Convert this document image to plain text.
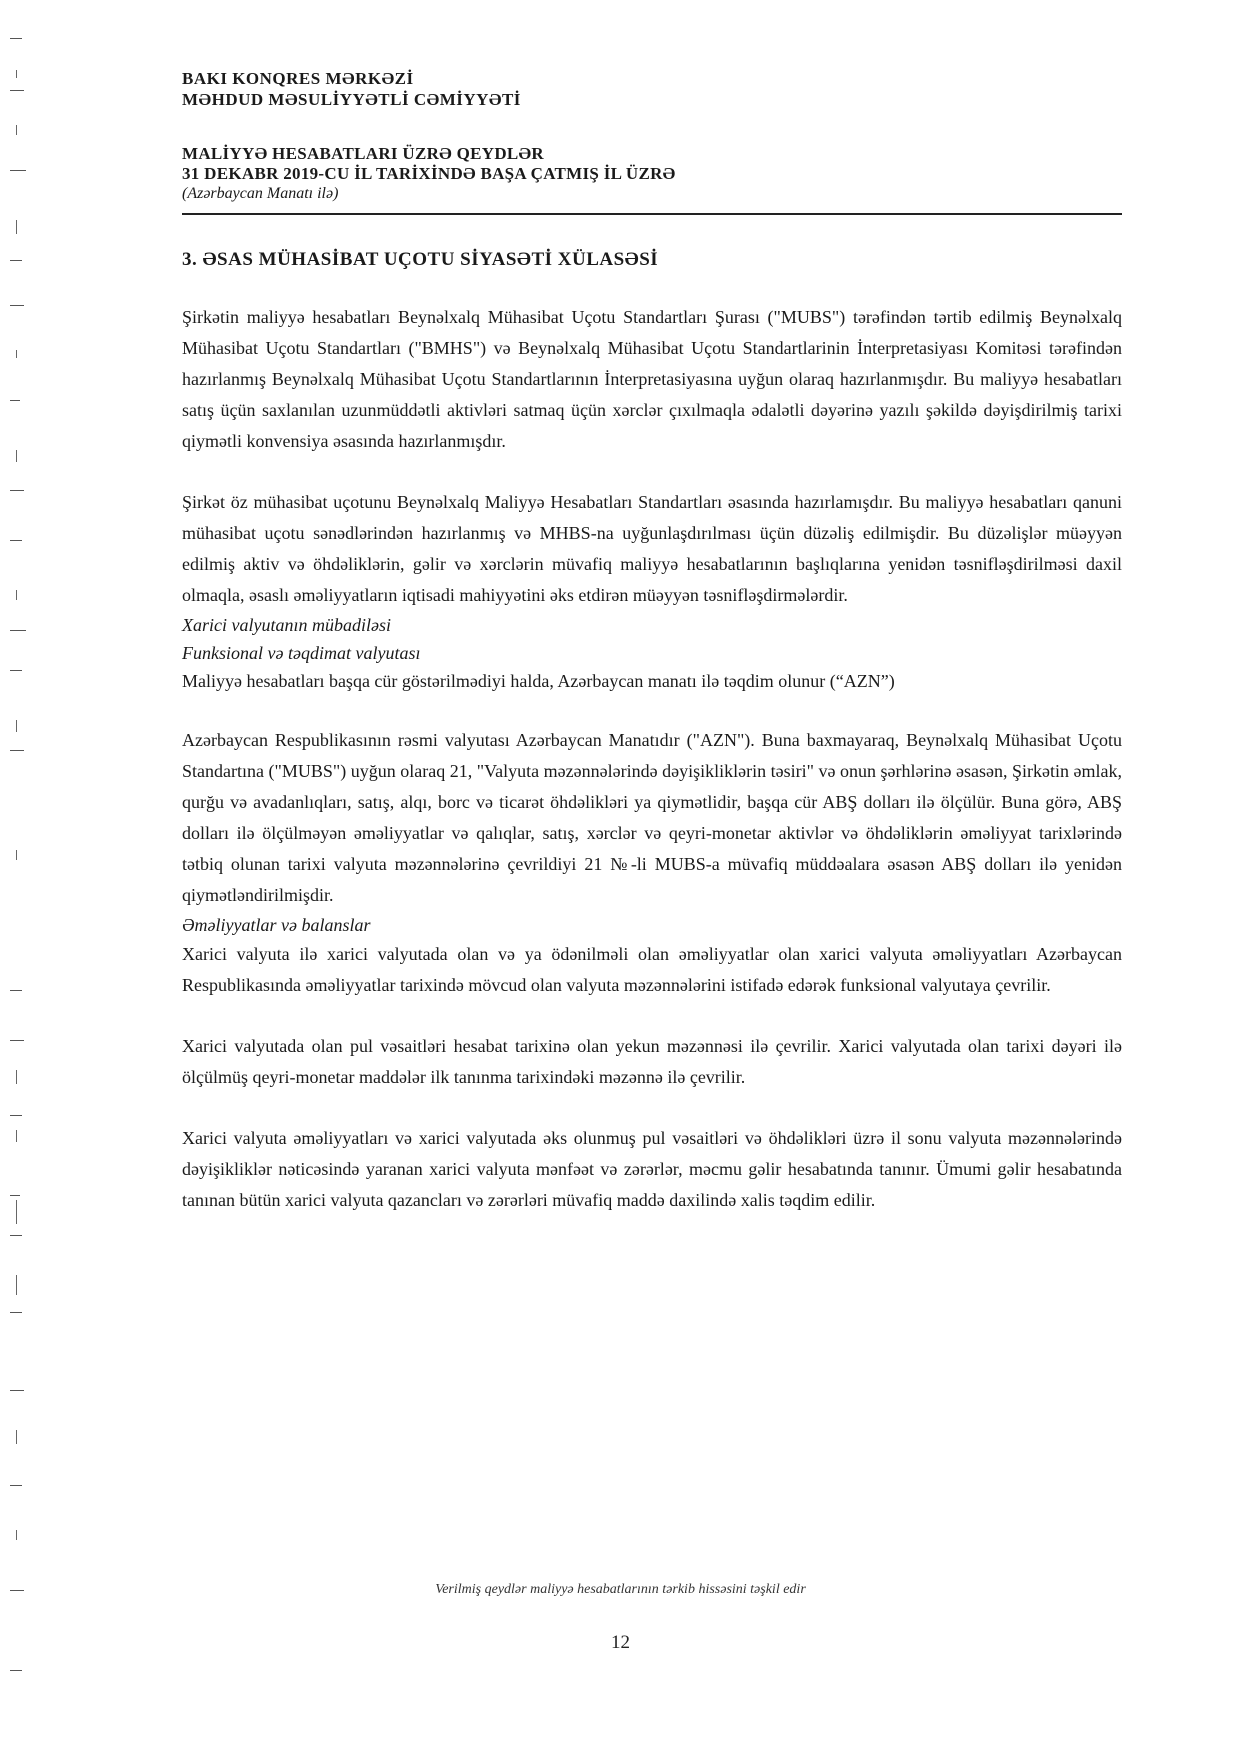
BAKI KONQRES MƏRKƏZİ

MƏHDUD MƏSULİYYƏTLİ CƏMİYYƏTİ

MALİYYƏ HESABATLARI ÜZRƏ QEYDLƏR

31 DEKABR 2019-CU İL TARİXİNDƏ BAŞA ÇATMIŞ İL ÜZRƏ

(Azərbaycan Manatı ilə)

3. ƏSAS MÜHASİBAT UÇOTU SİYASƏTİ XÜLASƏSİ

Şirkətin maliyyə hesabatları Beynəlxalq Mühasibat Uçotu Standartları Şurası ("MUBS") tərəfindən tərtib edilmiş Beynəlxalq Mühasibat Uçotu Standartları ("BMHS") və Beynəlxalq Mühasibat Uçotu Standartlarinin İnterpretasiyası Komitəsi tərəfindən hazırlanmış Beynəlxalq Mühasibat Uçotu Standartlarının İnterpretasiyasına uyğun olaraq hazırlanmışdır. Bu maliyyə hesabatları satış üçün saxlanılan uzunmüddətli aktivləri satmaq üçün xərclər çıxılmaqla ədalətli dəyərinə yazılı şəkildə dəyişdirilmiş tarixi qiymətli konvensiya əsasında hazırlanmışdır.

Şirkət öz mühasibat uçotunu Beynəlxalq Maliyyə Hesabatları Standartları əsasında hazırlamışdır. Bu maliyyə hesabatları qanuni mühasibat uçotu sənədlərindən hazırlanmış və MHBS-na uyğunlaşdırılması üçün düzəliş edilmişdir. Bu düzəlişlər müəyyən edilmiş aktiv və öhdəliklərin, gəlir və xərclərin müvafiq maliyyə hesabatlarının başlıqlarına yenidən təsnifləşdirilməsi daxil olmaqla, əsaslı əməliyyatların iqtisadi mahiyyətini əks etdirən müəyyən təsnifləşdirmələrdir.

Xarici valyutanın mübadiləsi

Funksional və təqdimat valyutası

Maliyyə hesabatları başqa cür göstərilmədiyi halda, Azərbaycan manatı ilə təqdim olunur (“AZN”)

Azərbaycan Respublikasının rəsmi valyutası Azərbaycan Manatıdır ("AZN"). Buna baxmayaraq, Beynəlxalq Mühasibat Uçotu Standartına ("MUBS") uyğun olaraq 21, "Valyuta məzənnələrində dəyişikliklərin təsiri" və onun şərhlərinə əsasən, Şirkətin əmlak, qurğu və avadanlıqları, satış, alqı, borc və ticarət öhdəlikləri ya qiymətlidir, başqa cür ABŞ dolları ilə ölçülür. Buna görə, ABŞ dolları ilə ölçülməyən əməliyyatlar və qalıqlar, satış, xərclər və qeyri-monetar aktivlər və öhdəliklərin əməliyyat tarixlərində tətbiq olunan tarixi valyuta məzənnələrinə çevrildiyi 21 №-li MUBS-a müvafiq müddəalara əsasən ABŞ dolları ilə yenidən qiymətləndirilmişdir.

Əməliyyatlar və balanslar

Xarici valyuta ilə xarici valyutada olan və ya ödənilməli olan əməliyyatlar olan xarici valyuta əməliyyatları Azərbaycan Respublikasında əməliyyatlar tarixində mövcud olan valyuta məzənnələrini istifadə edərək funksional valyutaya çevrilir.

Xarici valyutada olan pul vəsaitləri hesabat tarixinə olan yekun məzənnəsi ilə çevrilir. Xarici valyutada olan tarixi dəyəri ilə ölçülmüş qeyri-monetar maddələr ilk tanınma tarixindəki məzənnə ilə çevrilir.

Xarici valyuta əməliyyatları və xarici valyutada əks olunmuş pul vəsaitləri və öhdəlikləri üzrə il sonu valyuta məzənnələrində dəyişikliklər nəticəsində yaranan xarici valyuta mənfəət və zərərlər, məcmu gəlir hesabatında tanınır. Ümumi gəlir hesabatında tanınan bütün xarici valyuta qazancları və zərərləri müvafiq maddə daxilində xalis təqdim edilir.

Verilmiş qeydlər maliyyə hesabatlarının tərkib hissəsini təşkil edir
12
